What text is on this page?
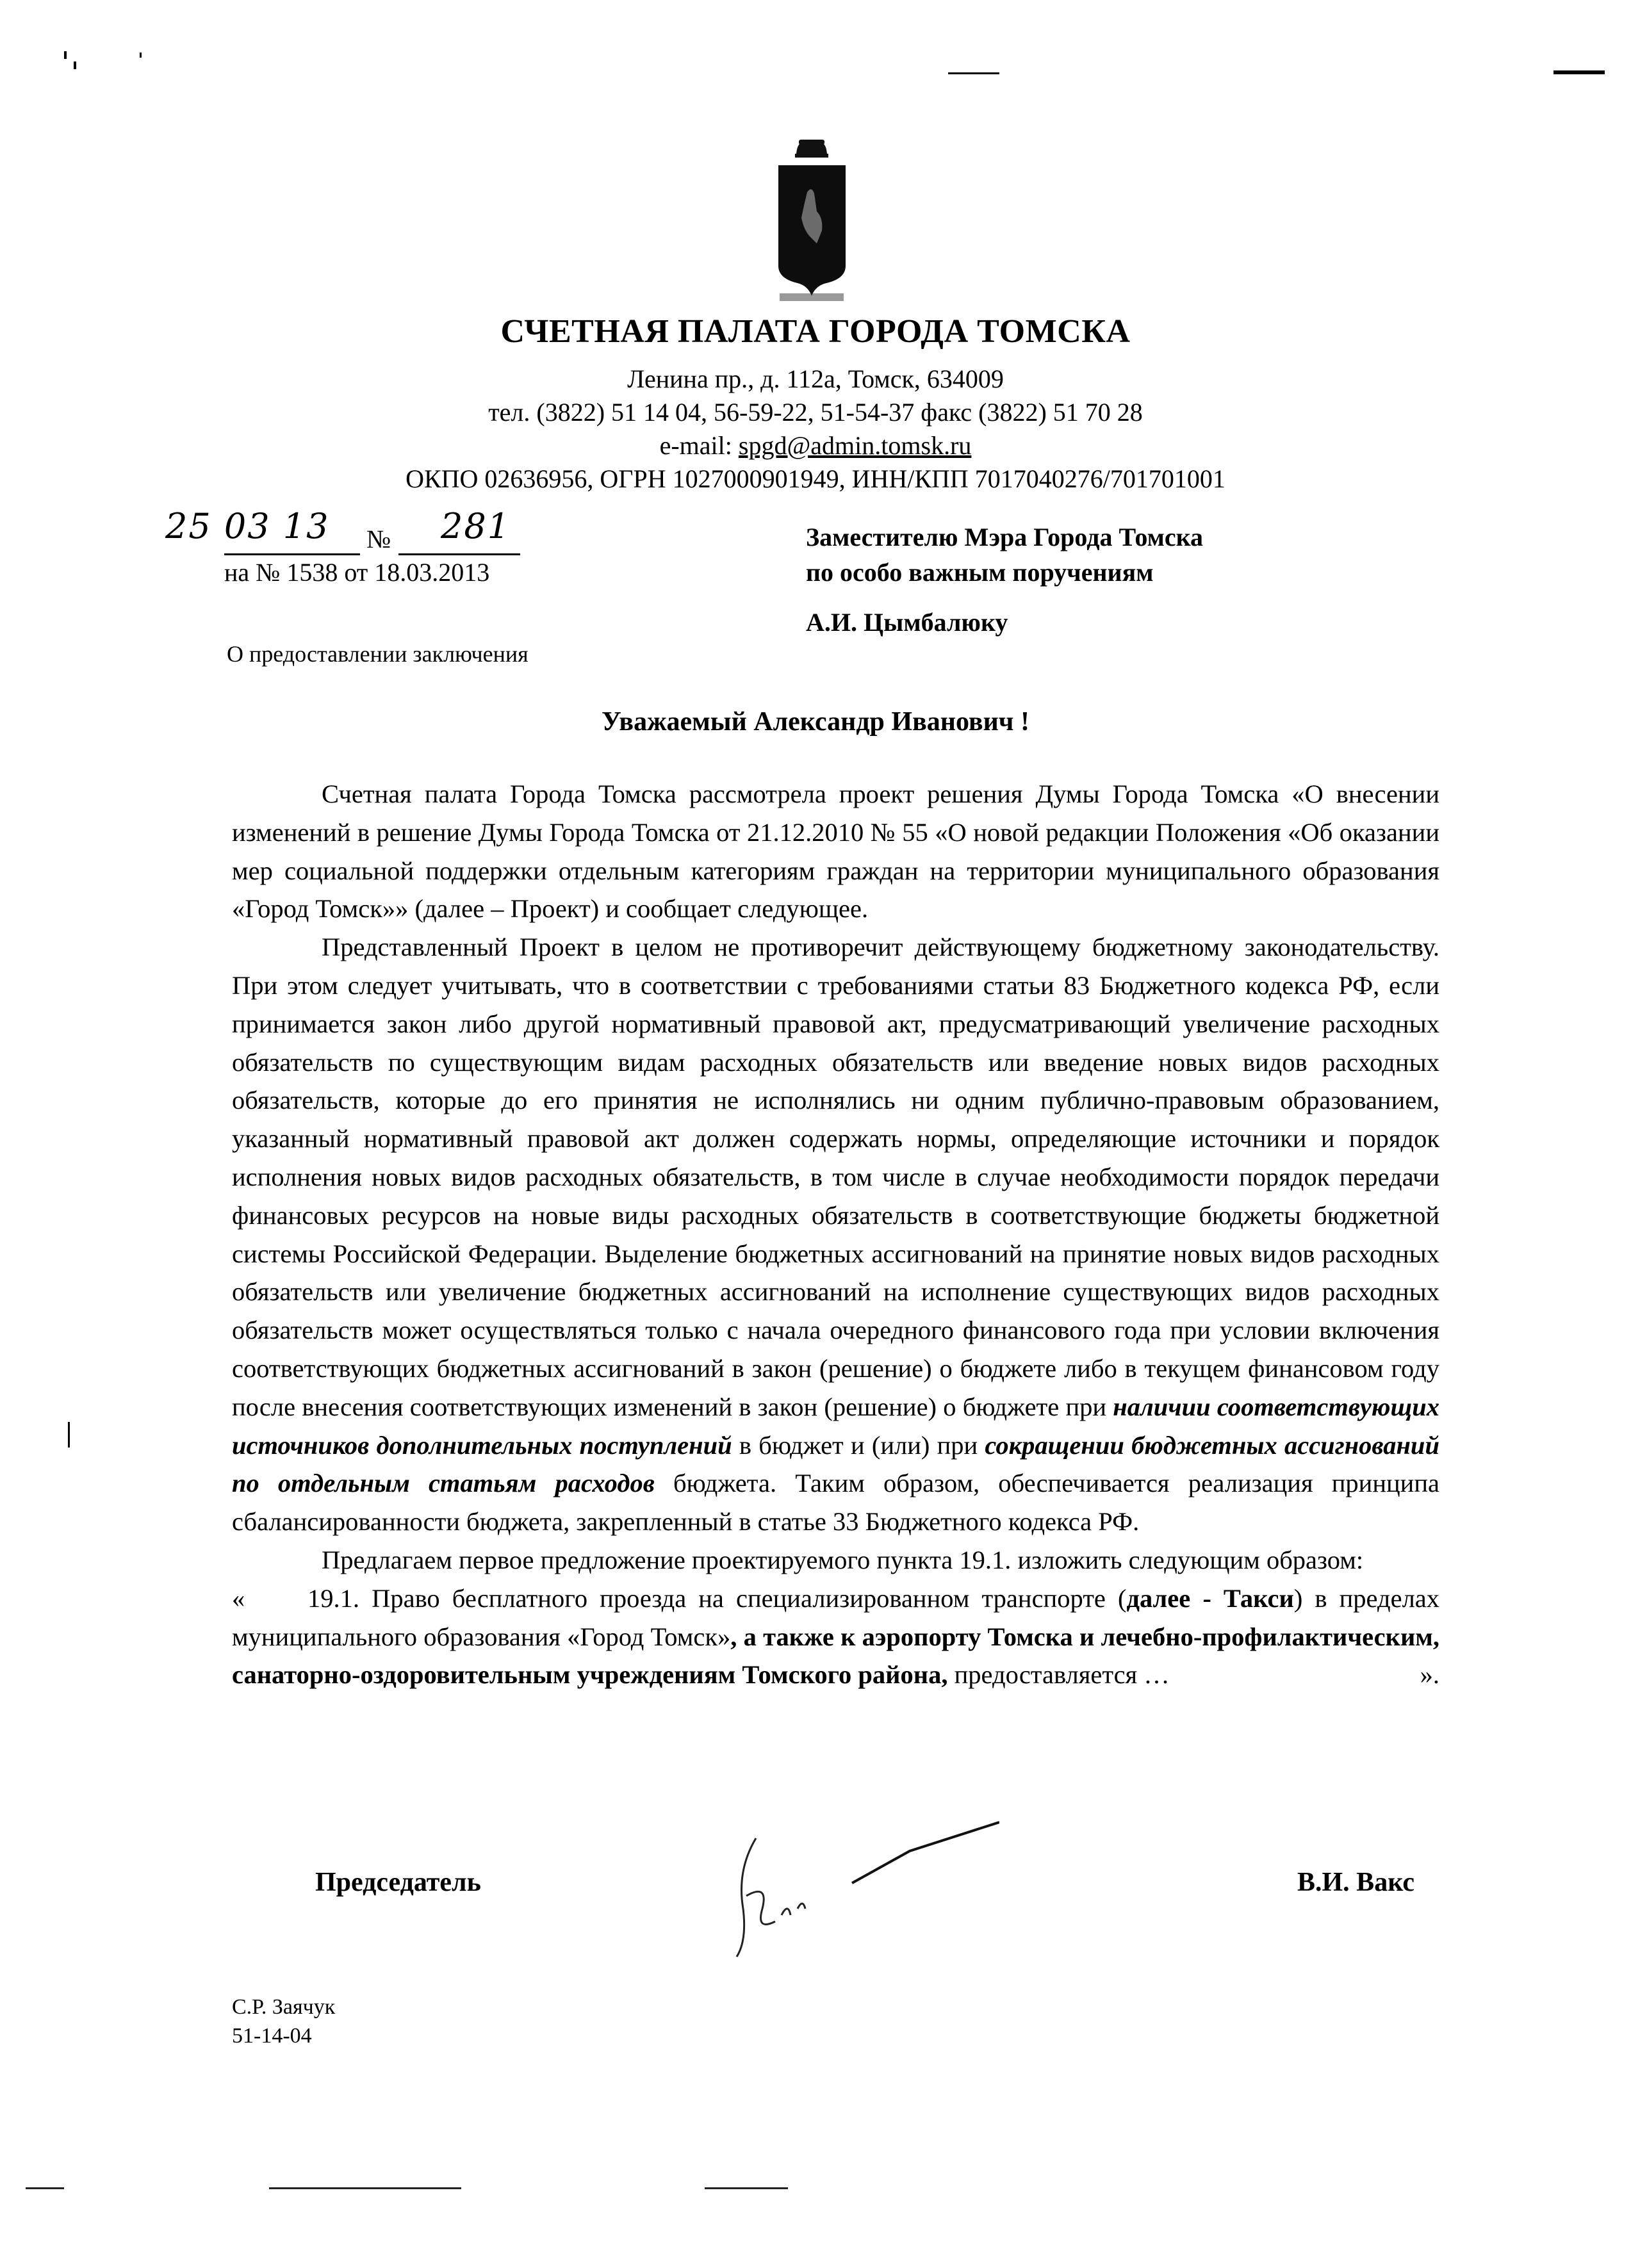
СЧЕТНАЯ ПАЛАТА ГОРОДА ТОМСКА
Ленина пр., д. 112а, Томск, 634009
тел. (3822) 51 14 04, 56-59-22, 51-54-37 факс (3822) 51 70 28
e-mail: spgd@admin.tomsk.ru
ОКПО 02636956, ОГРН 1027000901949, ИНН/КПП 7017040276/701701001
25 03 13 № 281
на № 1538 от 18.03.2013
О предоставлении заключения
Заместителю Мэра Города Томска
по особо важным поручениям
А.И. Цымбалюку
Уважаемый Александр Иванович !

Счетная палата Города Томска рассмотрела проект решения Думы Города Томска «О внесении изменений в решение Думы Города Томска от 21.12.2010 № 55 «О новой редакции Положения «Об оказании мер социальной поддержки отдельным категориям граждан на территории муниципального образования «Город Томск»» (далее – Проект) и сообщает следующее.

Представленный Проект в целом не противоречит действующему бюджетному законодательству. При этом следует учитывать, что в соответствии с требованиями статьи 83 Бюджетного кодекса РФ, если принимается закон либо другой нормативный правовой акт, предусматривающий увеличение расходных обязательств по существующим видам расходных обязательств или введение новых видов расходных обязательств, которые до его принятия не исполнялись ни одним публично-правовым образованием, указанный нормативный правовой акт должен содержать нормы, определяющие источники и порядок исполнения новых видов расходных обязательств, в том числе в случае необходимости порядок передачи финансовых ресурсов на новые виды расходных обязательств в соответствующие бюджеты бюджетной системы Российской Федерации. Выделение бюджетных ассигнований на принятие новых видов расходных обязательств или увеличение бюджетных ассигнований на исполнение существующих видов расходных обязательств может осуществляться только с начала очередного финансового года при условии включения соответствующих бюджетных ассигнований в закон (решение) о бюджете либо в текущем финансовом году после внесения соответствующих изменений в закон (решение) о бюджете при наличии соответствующих источников дополнительных поступлений в бюджет и (или) при сокращении бюджетных ассигнований по отдельным статьям расходов бюджета. Таким образом, обеспечивается реализация принципа сбалансированности бюджета, закрепленный в статье 33 Бюджетного кодекса РФ.

Предлагаем первое предложение проектируемого пункта 19.1. изложить следующим образом:

« 19.1. Право бесплатного проезда на специализированном транспорте (далее - Такси) в пределах муниципального образования «Город Томск», а также к аэропорту Томска и лечебно-профилактическим, санаторно-оздоровительным учреждениям Томского района, предоставляется …	».

Председатель	В.И. Вакс
С.Р. Заячук
51-14-04
